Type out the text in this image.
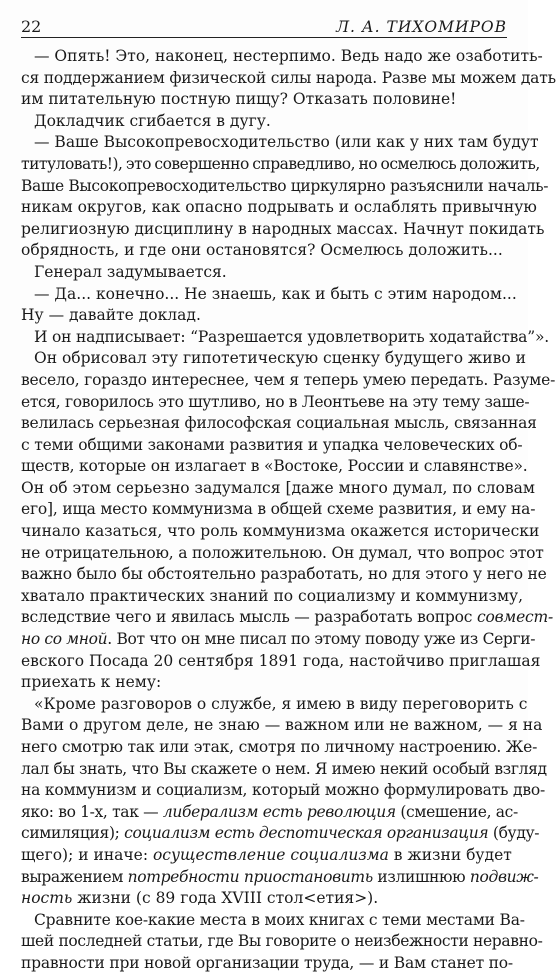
22	Л. А. ТИХОМИРОВ
— Опять! Это, наконец, нестерпимо. Ведь надо же озаботить-
ся поддержанием физической силы народа. Разве мы можем дать
им питательную постную пищу? Отказать половине!
Докладчик сгибается в дугу.
— Ваше Высокопревосходительство (или как у них там будут
титуловать!), это совершенно справедливо, но осмелюсь доложить,
Ваше Высокопревосходительство циркулярно разъяснили началь-
никам округов, как опасно подрывать и ослаблять привычную
религиозную дисциплину в народных массах. Начнут покидать
обрядность, и где они остановятся? Осмелюсь доложить...
Генерал задумывается.
— Да... конечно... Не знаешь, как и быть с этим народом...
Ну — давайте доклад.
И он надписывает: “Разрешается удовлетворить ходатайства”».
Он обрисовал эту гипотетическую сценку будущего живо и
весело, гораздо интереснее, чем я теперь умею передать. Разуме-
ется, говорилось это шутливо, но в Леонтьеве на эту тему заше-
велилась серьезная философская социальная мысль, связанная
с теми общими законами развития и упадка человеческих об-
ществ, которые он излагает в «Востоке, России и славянстве».
Он об этом серьезно задумался [даже много думал, по словам
его], ища место коммунизма в общей схеме развития, и ему на-
чинало казаться, что роль коммунизма окажется исторически
не отрицательною, а положительною. Он думал, что вопрос этот
важно было бы обстоятельно разработать, но для этого у него не
хватало практических знаний по социализму и коммунизму,
вследствие чего и явилась мысль — разработать вопрос совмест-
но со мной. Вот что он мне писал по этому поводу уже из Серги-
евского Посада 20 сентября 1891 года, настойчиво приглашая
приехать к нему:
«Кроме разговоров о службе, я имею в виду переговорить с
Вами о другом деле, не знаю — важном или не важном, — я на
него смотрю так или этак, смотря по личному настроению. Же-
лал бы знать, что Вы скажете о нем. Я имею некий особый взгляд
на коммунизм и социализм, который можно формулировать дво-
яко: во 1-х, так — либерализм есть революция (смешение, ас-
симиляция); социализм есть деспотическая организация (буду-
щего); и иначе: осуществление социализма в жизни будет
выражением потребности приостановить излишнюю подвиж-
ность жизни (с 89 года XVIII стол<етия>).
Сравните кое-какие места в моих книгах с теми местами Ва-
шей последней статьи, где Вы говорите о неизбежности неравно-
правности при новой организации труда, — и Вам станет по-
